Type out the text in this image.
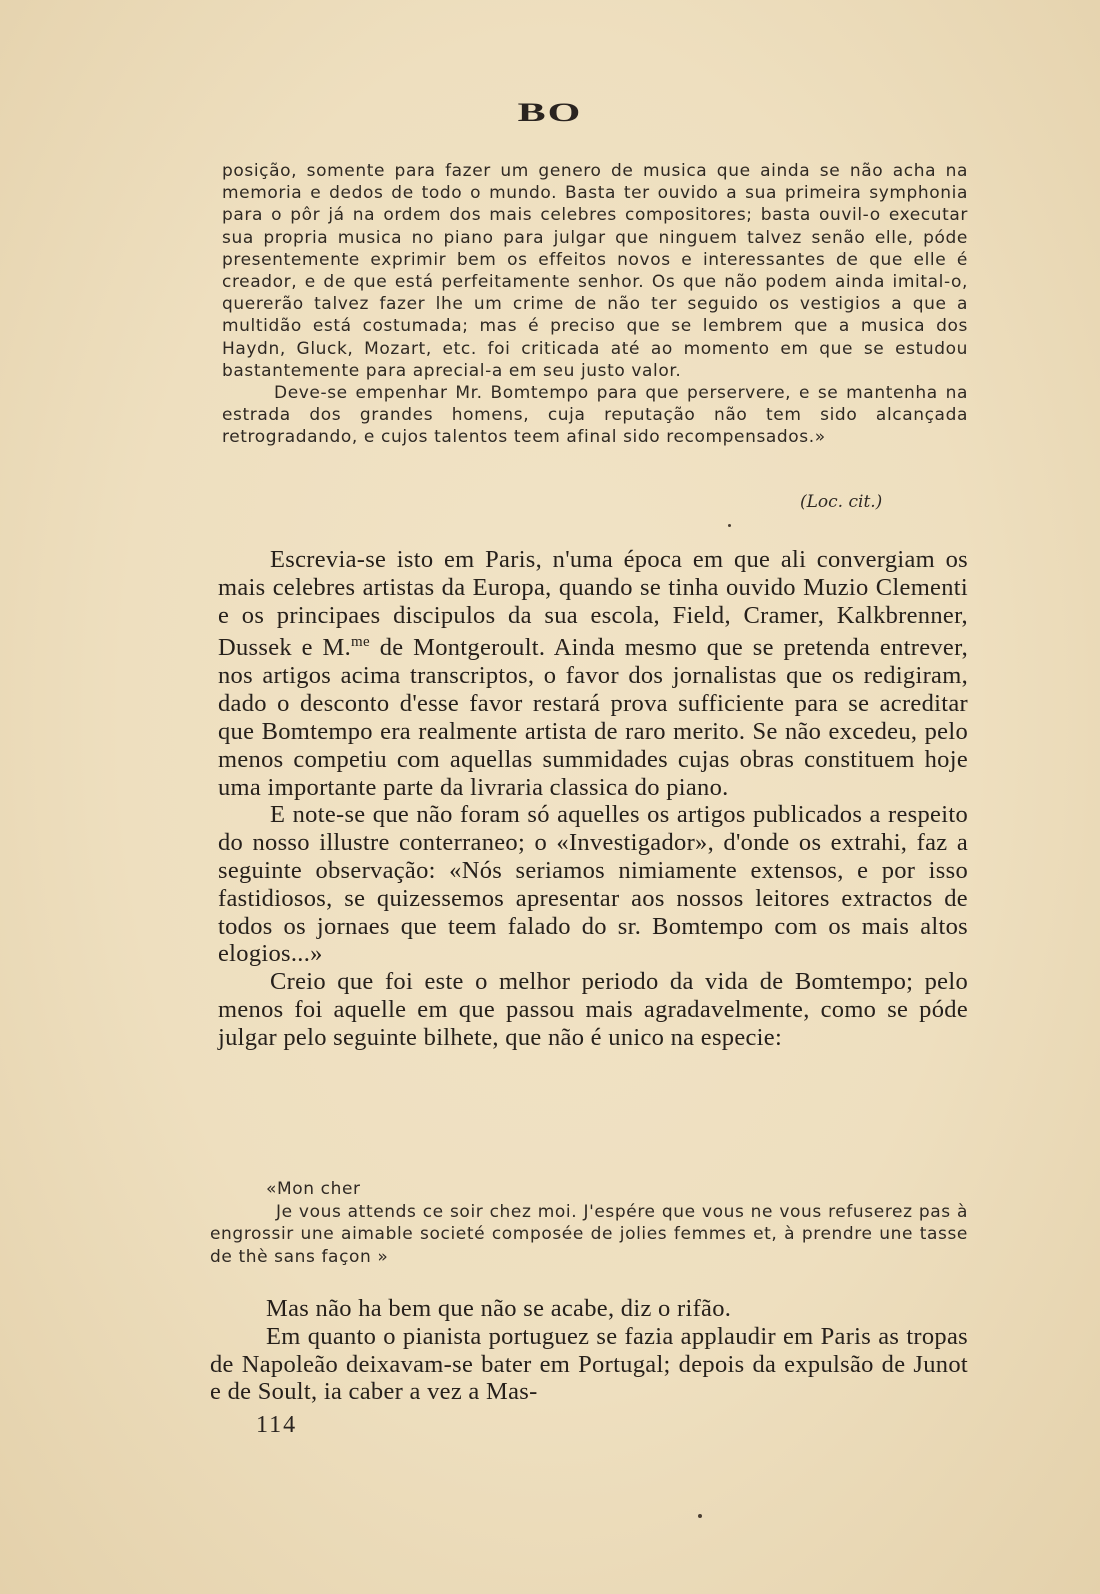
BO

posição, somente para fazer um genero de musica que ainda se não acha na memoria e dedos de todo o mundo. Basta ter ouvido a sua primeira symphonia para o pôr já na ordem dos mais celebres compositores; basta ouvil-o executar sua propria musica no piano para julgar que ninguem talvez senão elle, póde presentemente exprimir bem os effeitos novos e interessantes de que elle é creador, e de que está perfeitamente senhor. Os que não podem ainda imital-o, quererão talvez fazer lhe um crime de não ter seguido os vestigios a que a multidão está costumada; mas é preciso que se lembrem que a musica dos Haydn, Gluck, Mozart, etc. foi criticada até ao momento em que se estudou bastantemente para aprecial-a em seu justo valor.

Deve-se empenhar Mr. Bomtempo para que perservere, e se mantenha na estrada dos grandes homens, cuja reputação não tem sido alcançada retrogradando, e cujos talentos teem afinal sido recompensados.»

(Loc. cit.)

Escrevia-se isto em Paris, n'uma época em que ali convergiam os mais celebres artistas da Europa, quando se tinha ouvido Muzio Clementi e os principaes discipulos da sua escola, Field, Cramer, Kalkbrenner, Dussek e M.$^{me}$ de Montgeroult. Ainda mesmo que se pretenda entrever, nos artigos acima transcriptos, o favor dos jornalistas que os redigiram, dado o desconto d'esse favor restará prova sufficiente para se acreditar que Bomtempo era realmente artista de raro merito. Se não excedeu, pelo menos competiu com aquellas summidades cujas obras constituem hoje uma importante parte da livraria classica do piano.

E note-se que não foram só aquelles os artigos publicados a respeito do nosso illustre conterraneo; o «Investigador», d'onde os extrahi, faz a seguinte observação: «Nós seriamos nimiamente extensos, e por isso fastidiosos, se quizessemos apresentar aos nossos leitores extractos de todos os jornaes que teem falado do sr. Bomtempo com os mais altos elogios...»

Creio que foi este o melhor periodo da vida de Bomtempo; pelo menos foi aquelle em que passou mais agradavelmente, como se póde julgar pelo seguinte bilhete, que não é unico na especie:

«Mon cher

Je vous attends ce soir chez moi. J'espére que vous ne vous refuserez pas à engrossir une aimable societé composée de jolies femmes et, à prendre une tasse de thè sans façon »

Mas não ha bem que não se acabe, diz o rifão.

Em quanto o pianista portuguez se fazia applaudir em Paris as tropas de Napoleão deixavam-se bater em Portugal; depois da expulsão de Junot e de Soult, ia caber a vez a Mas-

114
